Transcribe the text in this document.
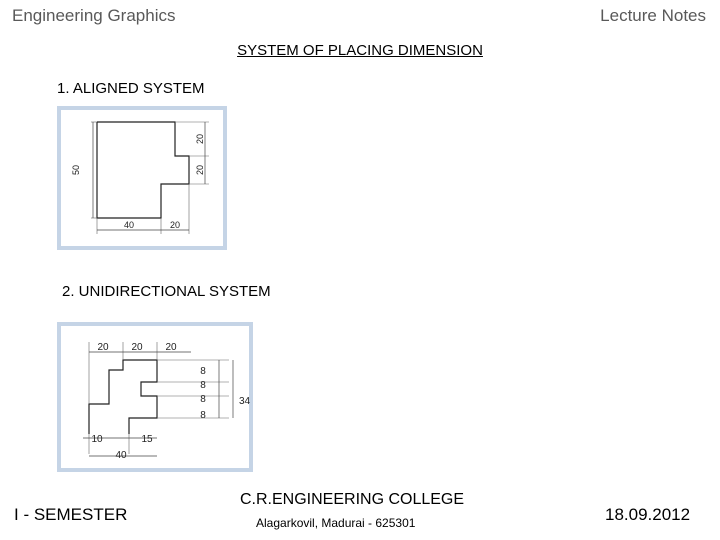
Engineering Graphics	Lecture Notes
SYSTEM OF PLACING DIMENSION
1. ALIGNED SYSTEM
50
20
20
40	20
2. UNIDIRECTIONAL SYSTEM
20 20 20
8
8
8
8
34
10	15
40
I - SEMESTER
C.R.ENGINEERING COLLEGE
Alagarkovil, Madurai - 625301	18.09.2012
